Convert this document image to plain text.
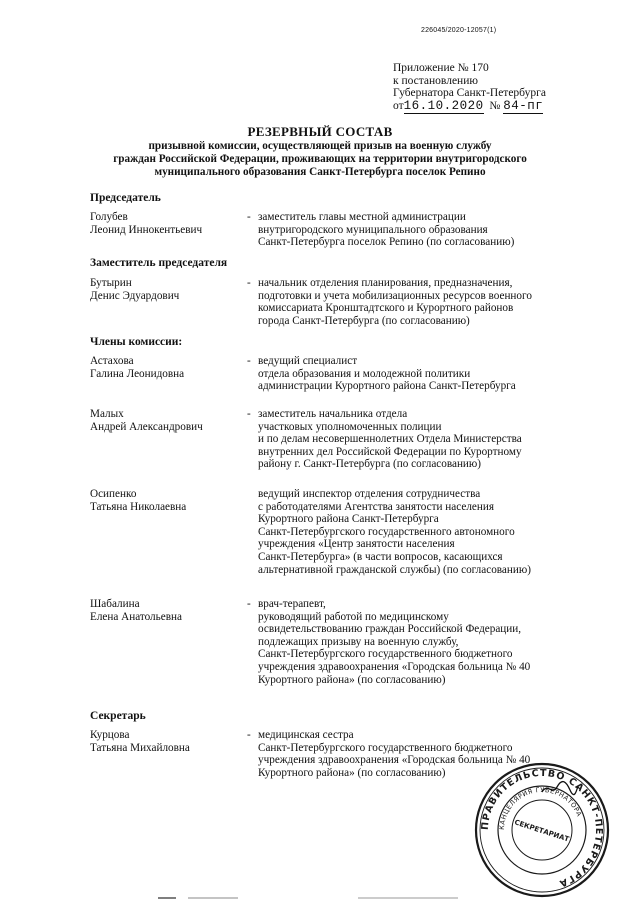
226045/2020-12057(1)
Приложение № 170
к постановлению
Губернатора Санкт-Петербурга
от16.10.2020 № 84-пг
РЕЗЕРВНЫЙ СОСТАВ
призывной комиссии, осуществляющей призыв на военную службу
граждан Российской Федерации, проживающих на территории внутригородского
муниципального образования Санкт-Петербурга поселок Репино
Председатель
Голубев
Леонид Иннокентьевич
- заместитель главы местной администрации
внутригородского муниципального образования
Санкт-Петербурга поселок Репино (по согласованию)
Заместитель председателя
Бутырин
Денис Эдуардович
- начальник отделения планирования, предназначения,
подготовки и учета мобилизационных ресурсов военного
комиссариата Кронштадтского и Курортного районов
города Санкт-Петербурга (по согласованию)
Члены комиссии:
Астахова
Галина Леонидовна
- ведущий специалист
отдела образования и молодежной политики
администрации Курортного района Санкт-Петербурга
Малых
Андрей Александрович
- заместитель начальника отдела
участковых уполномоченных полиции
и по делам несовершеннолетних Отдела Министерства
внутренних дел Российской Федерации по Курортному
району г. Санкт-Петербурга (по согласованию)
Осипенко
Татьяна Николаевна
ведущий инспектор отделения сотрудничества
с работодателями Агентства занятости населения
Курортного района Санкт-Петербурга
Санкт-Петербургского государственного автономного
учреждения «Центр занятости населения
Санкт-Петербурга» (в части вопросов, касающихся
альтернативной гражданской службы) (по согласованию)
Шабалина
Елена Анатольевна
- врач-терапевт,
руководящий работой по медицинскому
освидетельствованию граждан Российской Федерации,
подлежащих призыву на военную службу,
Санкт-Петербургского государственного бюджетного
учреждения здравоохранения «Городская больница № 40
Курортного района» (по согласованию)
Секретарь
Курцова
Татьяна Михайловна
- медицинская сестра
Санкт-Петербургского государственного бюджетного
учреждения здравоохранения «Городская больница № 40
Курортного района» (по согласованию)
ПРАВИТЕЛЬСТВО САНКТ-ПЕТЕРБУРГА
КАНЦЕЛЯРИЯ ГУБЕРНАТОРА
СЕКРЕТАРИАТ
